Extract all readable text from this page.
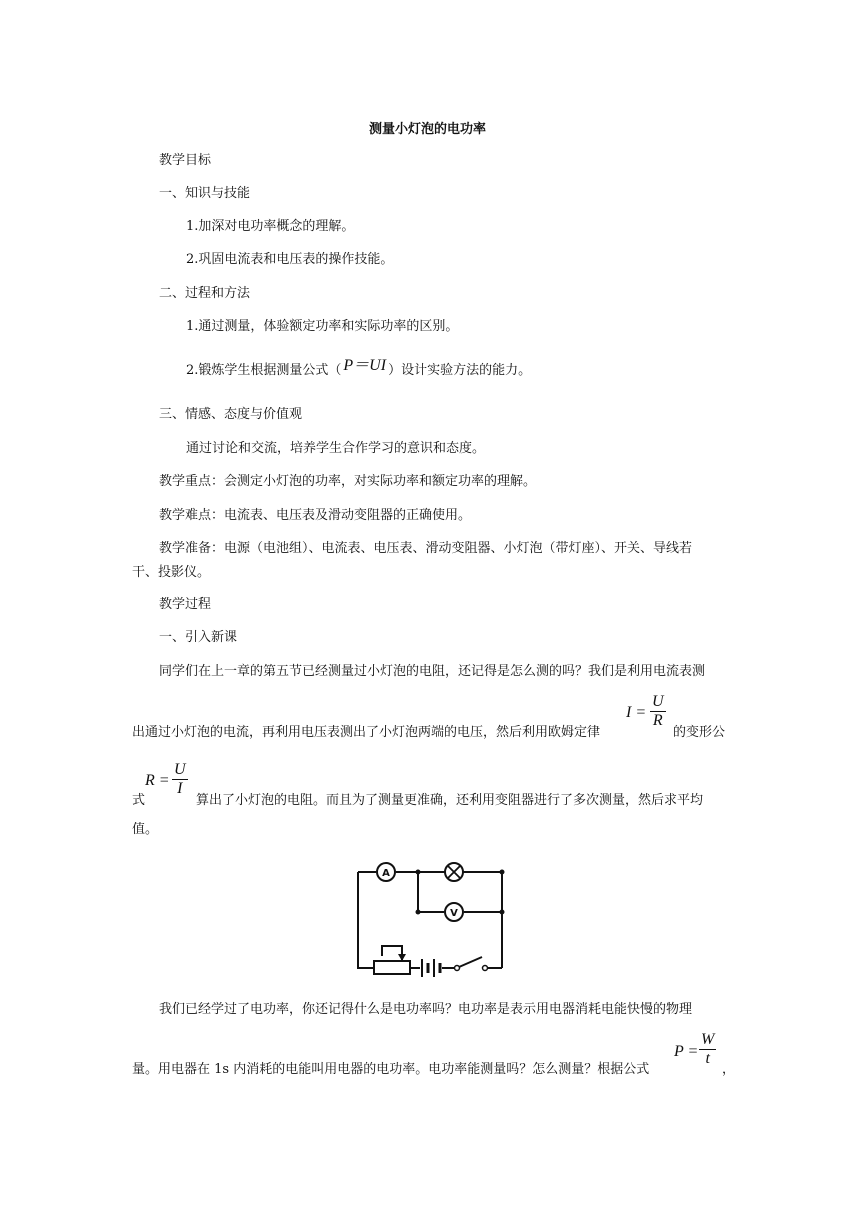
测量小灯泡的电功率
教学目标
一、知识与技能
1.加深对电功率概念的理解。
2.巩固电流表和电压表的操作技能。
二、过程和方法
1.通过测量，体验额定功率和实际功率的区别。
2.锻炼学生根据测量公式（ P＝UI ）设计实验方法的能力。
三、情感、态度与价值观
通过讨论和交流，培养学生合作学习的意识和态度。
教学重点：会测定小灯泡的功率，对实际功率和额定功率的理解。
教学难点：电流表、电压表及滑动变阻器的正确使用。
教学准备：电源（电池组）、电流表、电压表、滑动变阻器、小灯泡（带灯座）、开关、导线若
干、投影仪。
教学过程
一、引入新课
同学们在上一章的第五节已经测量过小灯泡的电阻，还记得是怎么测的吗？我们是利用电流表测
出通过小灯泡的电流，再利用电压表测出了小灯泡两端的电压，然后利用欧姆定律
$I = \frac{U}{R}$
的变形公
式
$R = \frac{U}{I}$
算出了小灯泡的电阻。而且为了测量更准确，还利用变阻器进行了多次测量，然后求平均
值。
A
V
我们已经学过了电功率，你还记得什么是电功率吗？电功率是表示用电器消耗电能快慢的物理
量。用电器在 1s 内消耗的电能叫用电器的电功率。电功率能测量吗？怎么测量？根据公式
$P = \frac{W}{t}$
，
